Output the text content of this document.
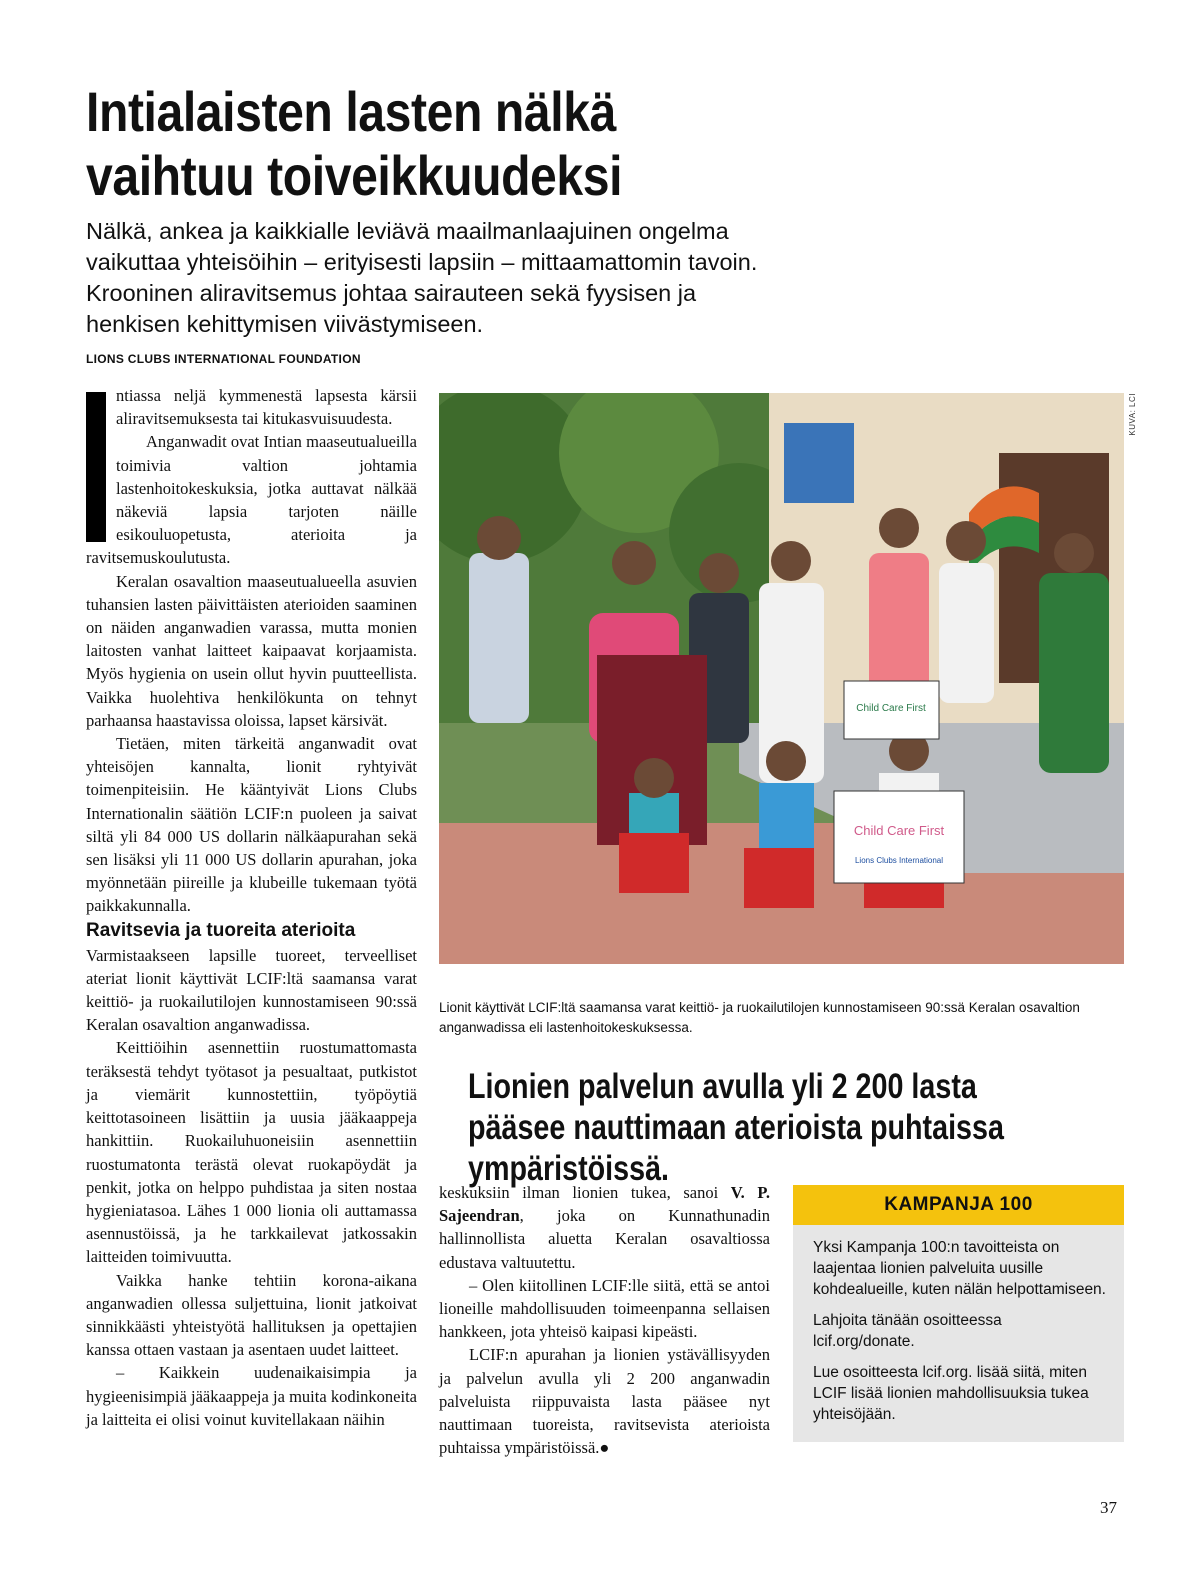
Intialaisten lasten nälkä
vaihtuu toiveikkuudeksi
Nälkä, ankea ja kaikkialle leviävä maailmanlaajuinen ongelma vaikuttaa yhteisöihin – erityisesti lapsiin – mittaamattomin tavoin. Krooninen aliravitsemus johtaa sairauteen sekä fyysisen ja henkisen kehittymisen viivästymiseen.
LIONS CLUBS INTERNATIONAL FOUNDATION

ntiassa neljä kymmenestä lapsesta kärsii aliravitsemuksesta tai kitukasvuisuudesta.

Anganwadit ovat Intian maaseutualueilla toimivia valtion johtamia lastenhoitokeskuksia, jotka auttavat nälkää näkeviä lapsia tarjoten näille esikouluopetusta, aterioita ja ravitsemuskoulutusta.

Keralan osavaltion maaseutualueella asuvien tuhansien lasten päivittäisten aterioiden saaminen on näiden anganwadien varassa, mutta monien laitosten vanhat laitteet kaipaavat korjaamista. Myös hygienia on usein ollut hyvin puutteellista. Vaikka huolehtiva henkilökunta on tehnyt parhaansa haastavissa oloissa, lapset kärsivät.

Tietäen, miten tärkeitä anganwadit ovat yhteisöjen kannalta, lionit ryhtyivät toimenpiteisiin. He kääntyivät Lions Clubs Internationalin säätiön LCIF:n puoleen ja saivat siltä yli 84 000 US dollarin nälkäapurahan sekä sen lisäksi yli 11 000 US dollarin apurahan, joka myönnetään piireille ja klubeille tukemaan työtä paikkakunnalla.

Ravitsevia ja tuoreita aterioita

Varmistaakseen lapsille tuoreet, terveelliset ateriat lionit käyttivät LCIF:ltä saamansa varat keittiö- ja ruokailutilojen kunnostamiseen 90:ssä Keralan osavaltion anganwadissa.

Keittiöihin asennettiin ruostumattomasta teräksestä tehdyt työtasot ja pesualtaat, putkistot ja viemärit kunnostettiin, työpöytiä keittotasoineen lisättiin ja uusia jääkaappeja hankittiin. Ruokailuhuoneisiin asennettiin ruostumatonta terästä olevat ruokapöydät ja penkit, jotka on helppo puhdistaa ja siten nostaa hygieniatasoa. Lähes 1 000 lionia oli auttamassa asennustöissä, ja he tarkkailevat jatkossakin laitteiden toimivuutta.

Vaikka hanke tehtiin korona-aikana anganwadien ollessa suljettuina, lionit jatkoivat sinnikkäästi yhteistyötä hallituksen ja opettajien kanssa ottaen vastaan ja asentaen uudet laitteet.

– Kaikkein uudenaikaisimpia ja hygieenisimpiä jääkaappeja ja muita kodinkoneita ja laitteita ei olisi voinut kuvitellakaan näihin

Child Care First
Child Care First
Lions Clubs International
KUVA: LCI
Lionit käyttivät LCIF:ltä saamansa varat keittiö- ja ruokailutilojen kunnostamiseen 90:ssä Keralan osavaltion anganwadissa eli lastenhoitokeskuksessa.
Lionien palvelun avulla yli 2 200 lasta pääsee nauttimaan aterioista puhtaissa ympäristöissä.

keskuksiin ilman lionien tukea, sanoi V. P. Sajeendran, joka on Kunnathunadin hallinnollista aluetta Keralan osavaltiossa edustava valtuutettu.

– Olen kiitollinen LCIF:lle siitä, että se antoi lioneille mahdollisuuden toimeenpanna sellaisen hankkeen, jota yhteisö kaipasi kipeästi.

LCIF:n apurahan ja lionien ystävällisyyden ja palvelun avulla yli 2 200 anganwadin palveluista riippuvaista lasta pääsee nyt nauttimaan tuoreista, ravitsevista aterioista puhtaissa ympäristöissä.●

KAMPANJA 100

Yksi Kampanja 100:n tavoitteista on laajentaa lionien palveluita uusille kohdealueille, kuten nälän helpottamiseen.

Lahjoita tänään osoitteessa lcif.org/donate.

Lue osoitteesta lcif.org. lisää siitä, miten LCIF lisää lionien mahdollisuuksia tukea yhteisöjään.

37
